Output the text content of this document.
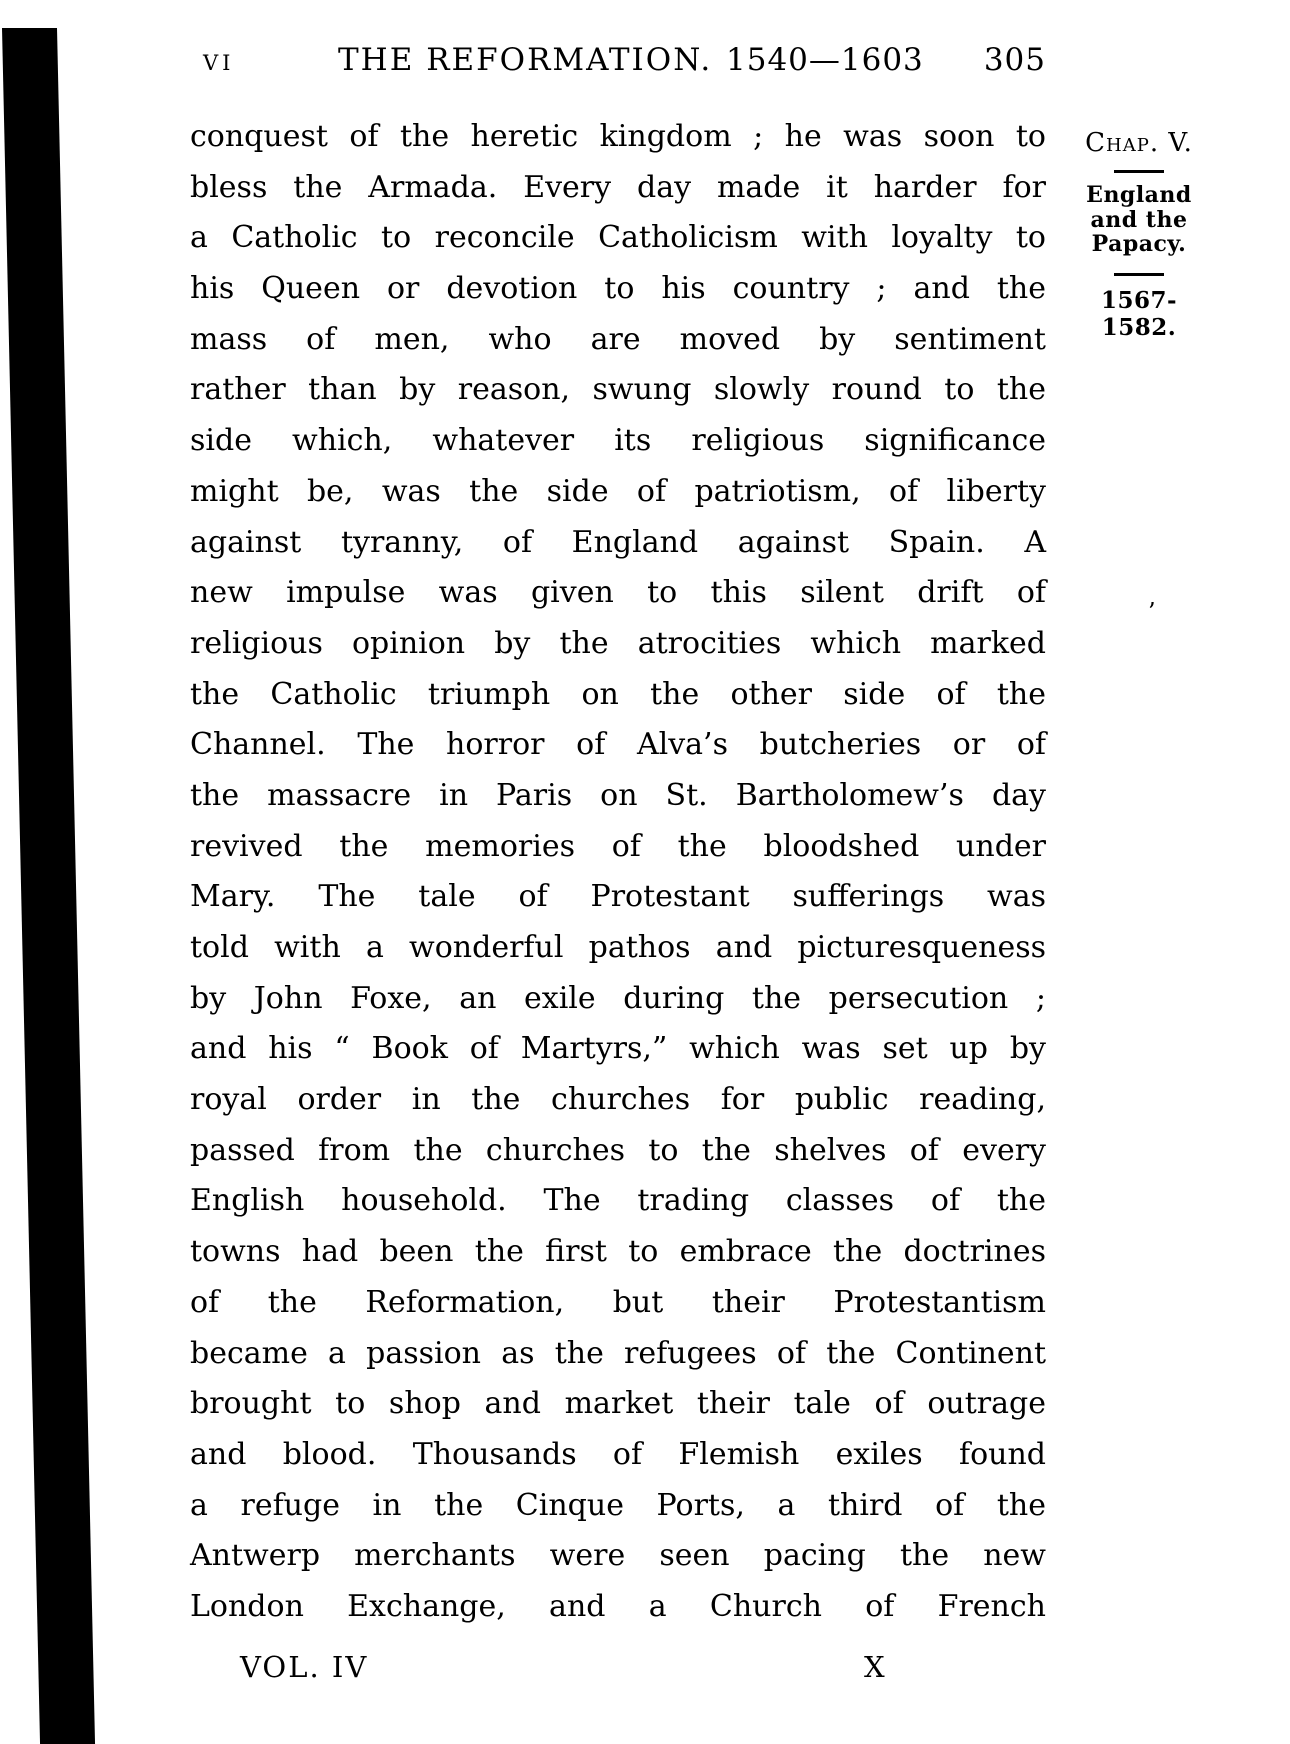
VI	THE REFORMATION. 1540—1603 305
conquest of the heretic kingdom ; he was soon to
bless the Armada. Every day made it harder for
a Catholic to reconcile Catholicism with loyalty to
his Queen or devotion to his country ; and the
mass of men, who are moved by sentiment
rather than by reason, swung slowly round to the
side which, whatever its religious significance
might be, was the side of patriotism, of liberty
against tyranny, of England against Spain. A
new impulse was given to this silent drift of
religious opinion by the atrocities which marked
the Catholic triumph on the other side of the
Channel. The horror of Alva’s butcheries or of
the massacre in Paris on St. Bartholomew’s day
revived the memories of the bloodshed under
Mary. The tale of Protestant sufferings was
told with a wonderful pathos and picturesqueness
by John Foxe, an exile during the persecution ;
and his “ Book of Martyrs,” which was set up by
royal order in the churches for public reading,
passed from the churches to the shelves of every
English household. The trading classes of the
towns had been the first to embrace the doctrines
of the Reformation, but their Protestantism
became a passion as the refugees of the Continent
brought to shop and market their tale of outrage
and blood. Thousands of Flemish exiles found
a refuge in the Cinque Ports, a third of the
Antwerp merchants were seen pacing the new
London Exchange, and a Church of French
Chap. V.
England
and the
Papacy.
1567-1582.
’
VOL. IV	X
